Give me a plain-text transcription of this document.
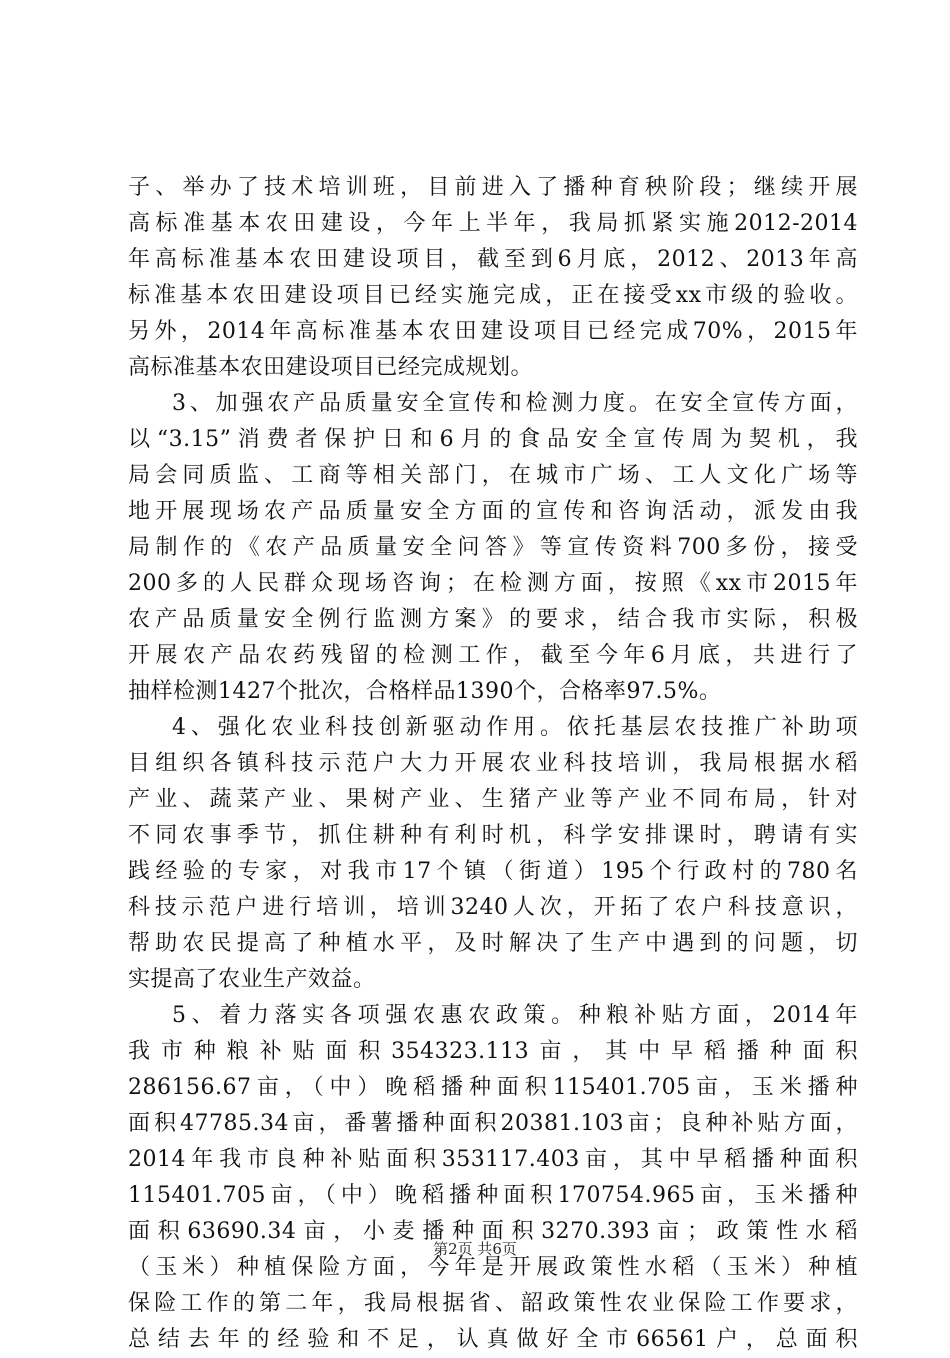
子、举办了技术培训班，目前进入了播种育秧阶段；继续开展
高标准基本农田建设，今年上半年，我局抓紧实施2012-2014
年高标准基本农田建设项目，截至到6月底，2012、2013年高
标准基本农田建设项目已经实施完成，正在接受xx市级的验收。
另外，2014年高标准基本农田建设项目已经完成70%，2015年
高标准基本农田建设项目已经完成规划。
3、加强农产品质量安全宣传和检测力度。在安全宣传方面，
以“3.15”消费者保护日和6月的食品安全宣传周为契机，我
局会同质监、工商等相关部门，在城市广场、工人文化广场等
地开展现场农产品质量安全方面的宣传和咨询活动，派发由我
局制作的《农产品质量安全问答》等宣传资料700多份，接受
200多的人民群众现场咨询；在检测方面，按照《xx市2015年
农产品质量安全例行监测方案》的要求，结合我市实际，积极
开展农产品农药残留的检测工作，截至今年6月底，共进行了
抽样检测1427个批次，合格样品1390个，合格率97.5%。
4、强化农业科技创新驱动作用。依托基层农技推广补助项
目组织各镇科技示范户大力开展农业科技培训，我局根据水稻
产业、蔬菜产业、果树产业、生猪产业等产业不同布局，针对
不同农事季节，抓住耕种有利时机，科学安排课时，聘请有实
践经验的专家，对我市17个镇（街道）195个行政村的780名
科技示范户进行培训，培训3240人次，开拓了农户科技意识，
帮助农民提高了种植水平，及时解决了生产中遇到的问题，切
实提高了农业生产效益。
5、着力落实各项强农惠农政策。种粮补贴方面，2014年
我市种粮补贴面积354323.113亩，其中早稻播种面积
286156.67亩，（中）晚稻播种面积115401.705亩，玉米播种
面积47785.34亩，番薯播种面积20381.103亩；良种补贴方面，
2014年我市良种补贴面积353117.403亩，其中早稻播种面积
115401.705亩，（中）晚稻播种面积170754.965亩，玉米播种
面积63690.34亩，小麦播种面积3270.393亩；政策性水稻
（玉米）种植保险方面，今年是开展政策性水稻（玉米）种植
保险工作的第二年，我局根据省、韶政策性农业保险工作要求，
总结去年的经验和不足，认真做好全市66561户，总面积
第2页 共6页
